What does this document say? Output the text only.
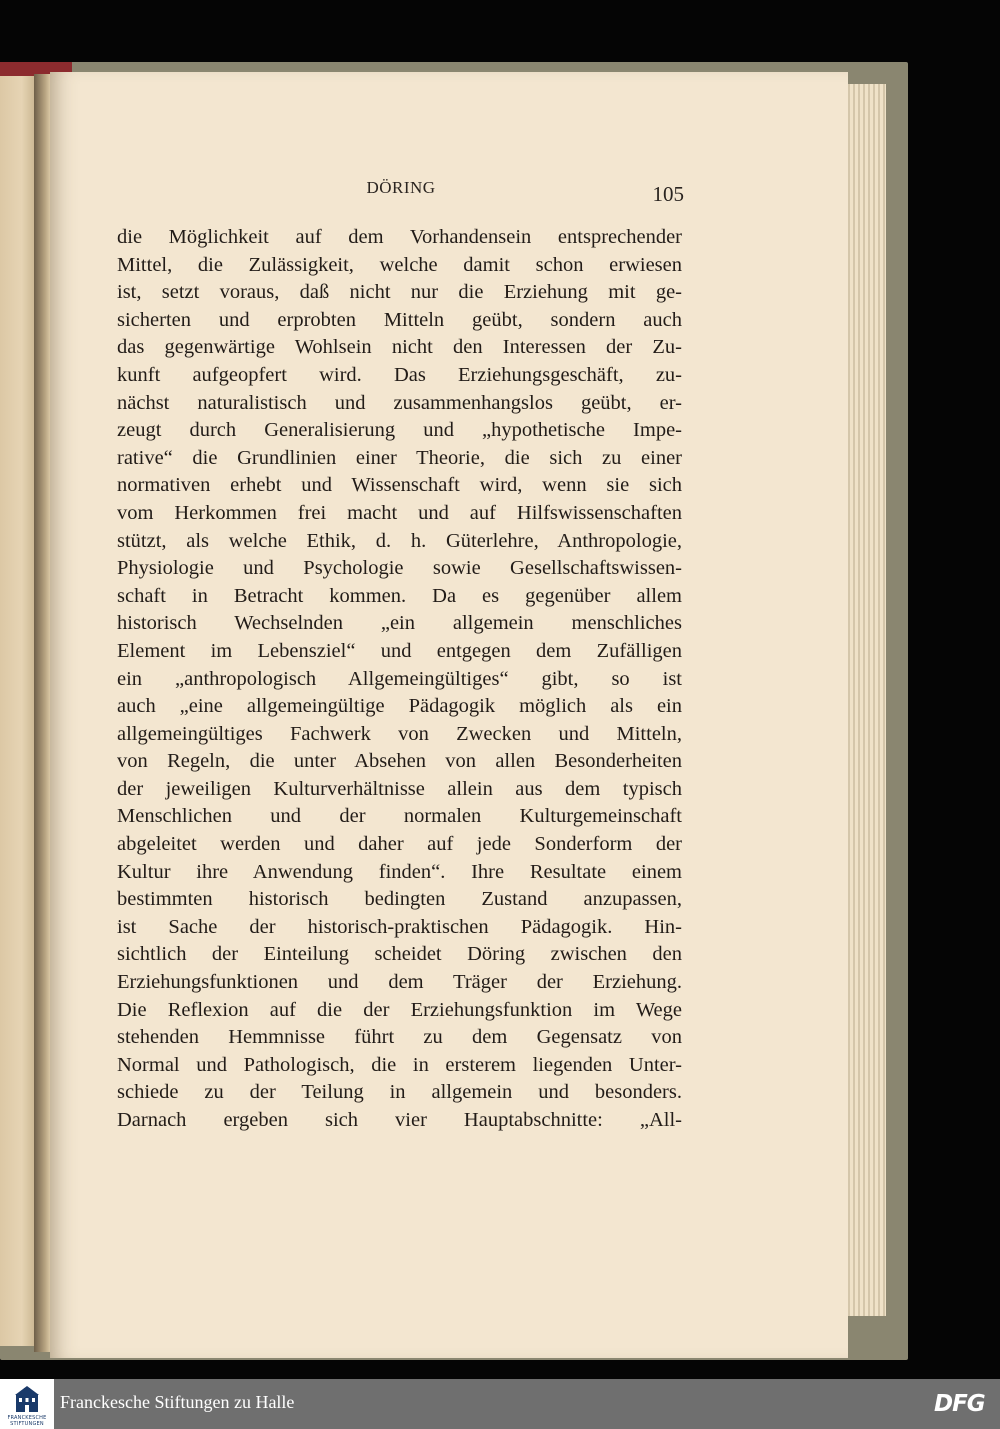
DÖRING	105
die Möglichkeit auf dem Vorhandensein entsprechender
Mittel, die Zulässigkeit, welche damit schon erwiesen
ist, setzt voraus, daß nicht nur die Erziehung mit ge-
sicherten und erprobten Mitteln geübt, sondern auch
das gegenwärtige Wohlsein nicht den Interessen der Zu-
kunft aufgeopfert wird. Das Erziehungsgeschäft, zu-
nächst naturalistisch und zusammenhangslos geübt, er-
zeugt durch Generalisierung und „hypothetische Impe-
rative“ die Grundlinien einer Theorie, die sich zu einer
normativen erhebt und Wissenschaft wird, wenn sie sich
vom Herkommen frei macht und auf Hilfswissenschaften
stützt, als welche Ethik, d. h. Güterlehre, Anthropologie,
Physiologie und Psychologie sowie Gesellschaftswissen-
schaft in Betracht kommen. Da es gegenüber allem
historisch Wechselnden „ein allgemein menschliches
Element im Lebensziel“ und entgegen dem Zufälligen
ein „anthropologisch Allgemeingültiges“ gibt, so ist
auch „eine allgemeingültige Pädagogik möglich als ein
allgemeingültiges Fachwerk von Zwecken und Mitteln,
von Regeln, die unter Absehen von allen Besonderheiten
der jeweiligen Kulturverhältnisse allein aus dem typisch
Menschlichen und der normalen Kulturgemeinschaft
abgeleitet werden und daher auf jede Sonderform der
Kultur ihre Anwendung finden“. Ihre Resultate einem
bestimmten historisch bedingten Zustand anzupassen,
ist Sache der historisch-praktischen Pädagogik. Hin-
sichtlich der Einteilung scheidet Döring zwischen den
Erziehungsfunktionen und dem Träger der Erziehung.
Die Reflexion auf die der Erziehungsfunktion im Wege
stehenden Hemmnisse führt zu dem Gegensatz von
Normal und Pathologisch, die in ersterem liegenden Unter-
schiede zu der Teilung in allgemein und besonders.
Darnach ergeben sich vier Hauptabschnitte: „All-
FRANCKESCHE
STIFTUNGEN
Franckesche Stiftungen zu Halle	DFG
